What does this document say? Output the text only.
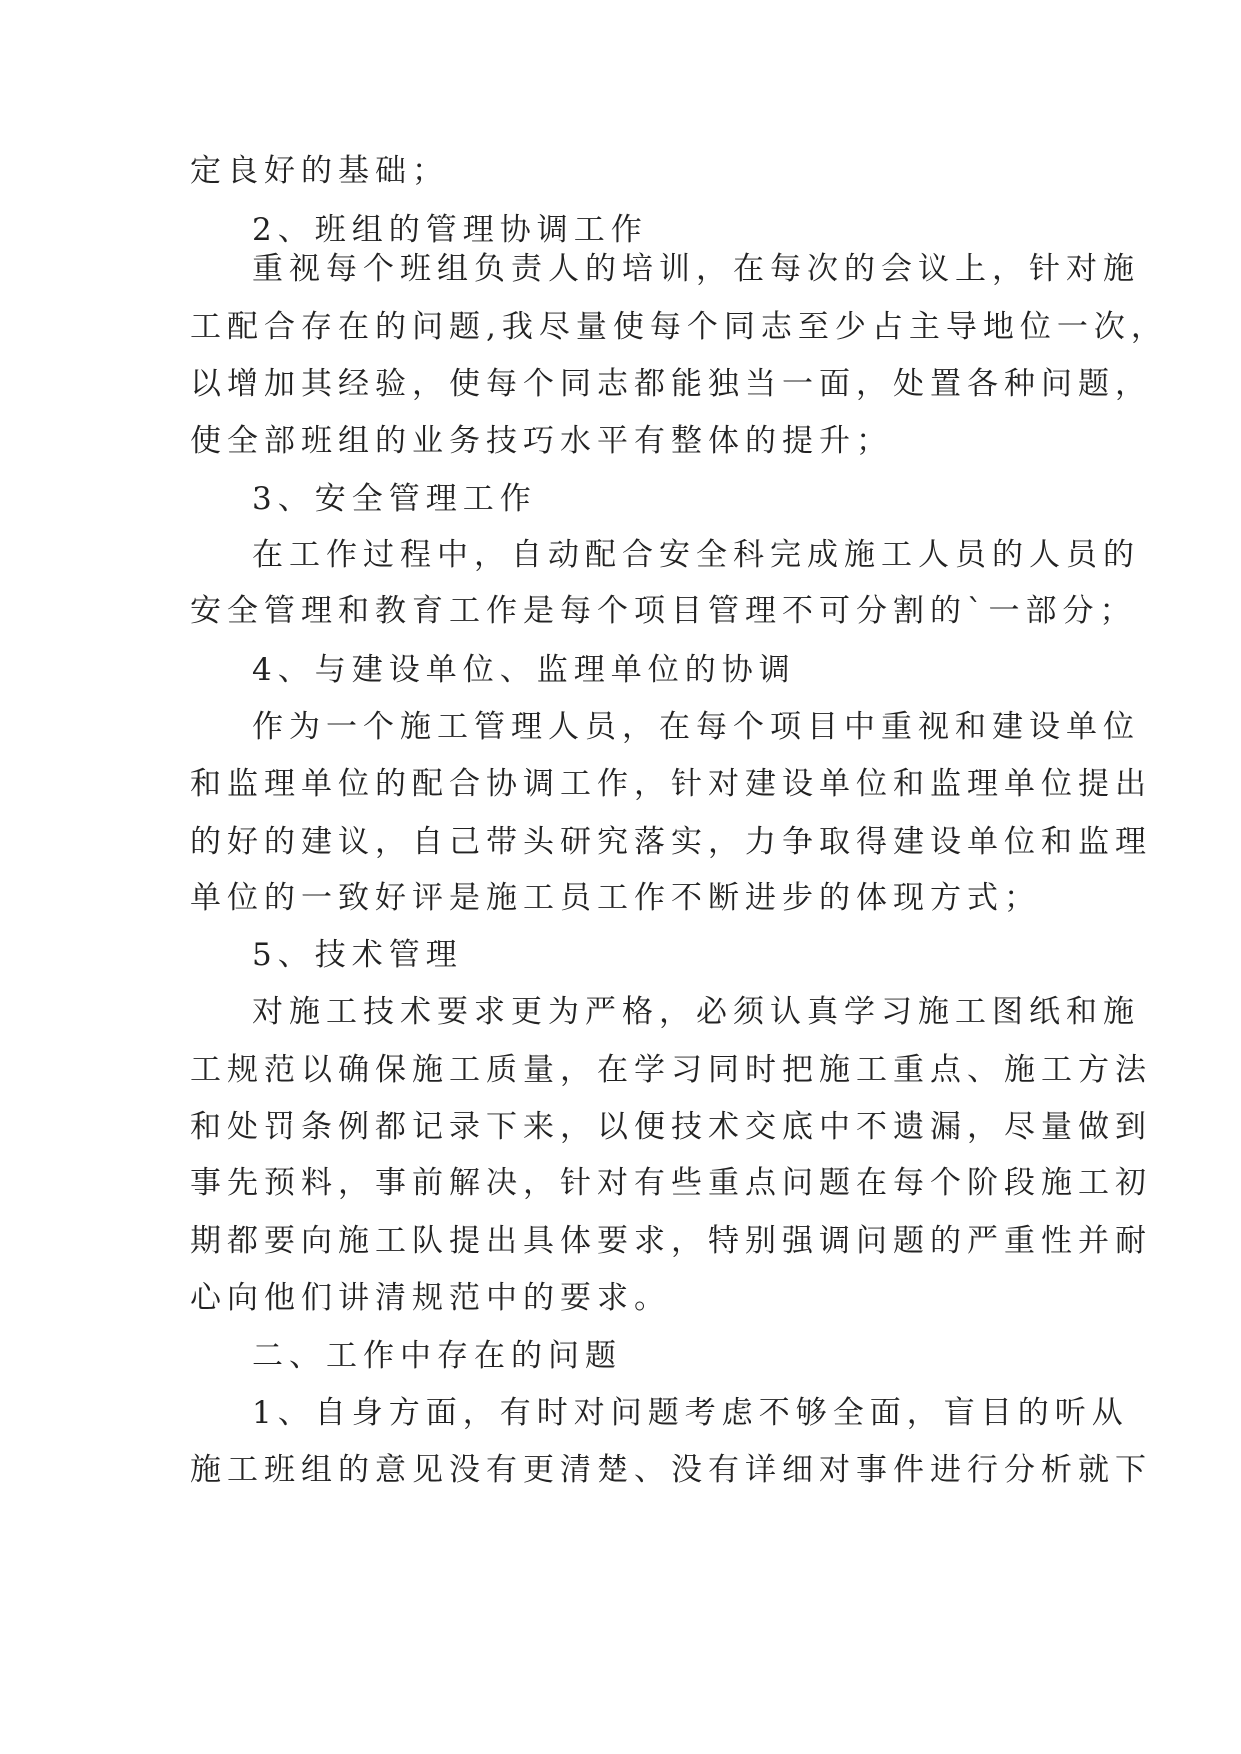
定良好的基础；
2、班组的管理协调工作
重视每个班组负责人的培训，在每次的会议上，针对施
工配合存在的问题,我尽量使每个同志至少占主导地位一次，
以增加其经验，使每个同志都能独当一面，处置各种问题，
使全部班组的业务技巧水平有整体的提升；
3、安全管理工作
在工作过程中，自动配合安全科完成施工人员的人员的
安全管理和教育工作是每个项目管理不可分割的`一部分；
4、与建设单位、监理单位的协调
作为一个施工管理人员，在每个项目中重视和建设单位
和监理单位的配合协调工作，针对建设单位和监理单位提出
的好的建议，自己带头研究落实，力争取得建设单位和监理
单位的一致好评是施工员工作不断进步的体现方式；
5、技术管理
对施工技术要求更为严格，必须认真学习施工图纸和施
工规范以确保施工质量，在学习同时把施工重点、施工方法
和处罚条例都记录下来，以便技术交底中不遗漏，尽量做到
事先预料，事前解决，针对有些重点问题在每个阶段施工初
期都要向施工队提出具体要求，特别强调问题的严重性并耐
心向他们讲清规范中的要求。
二、工作中存在的问题
1、自身方面，有时对问题考虑不够全面，盲目的听从
施工班组的意见没有更清楚、没有详细对事件进行分析就下
